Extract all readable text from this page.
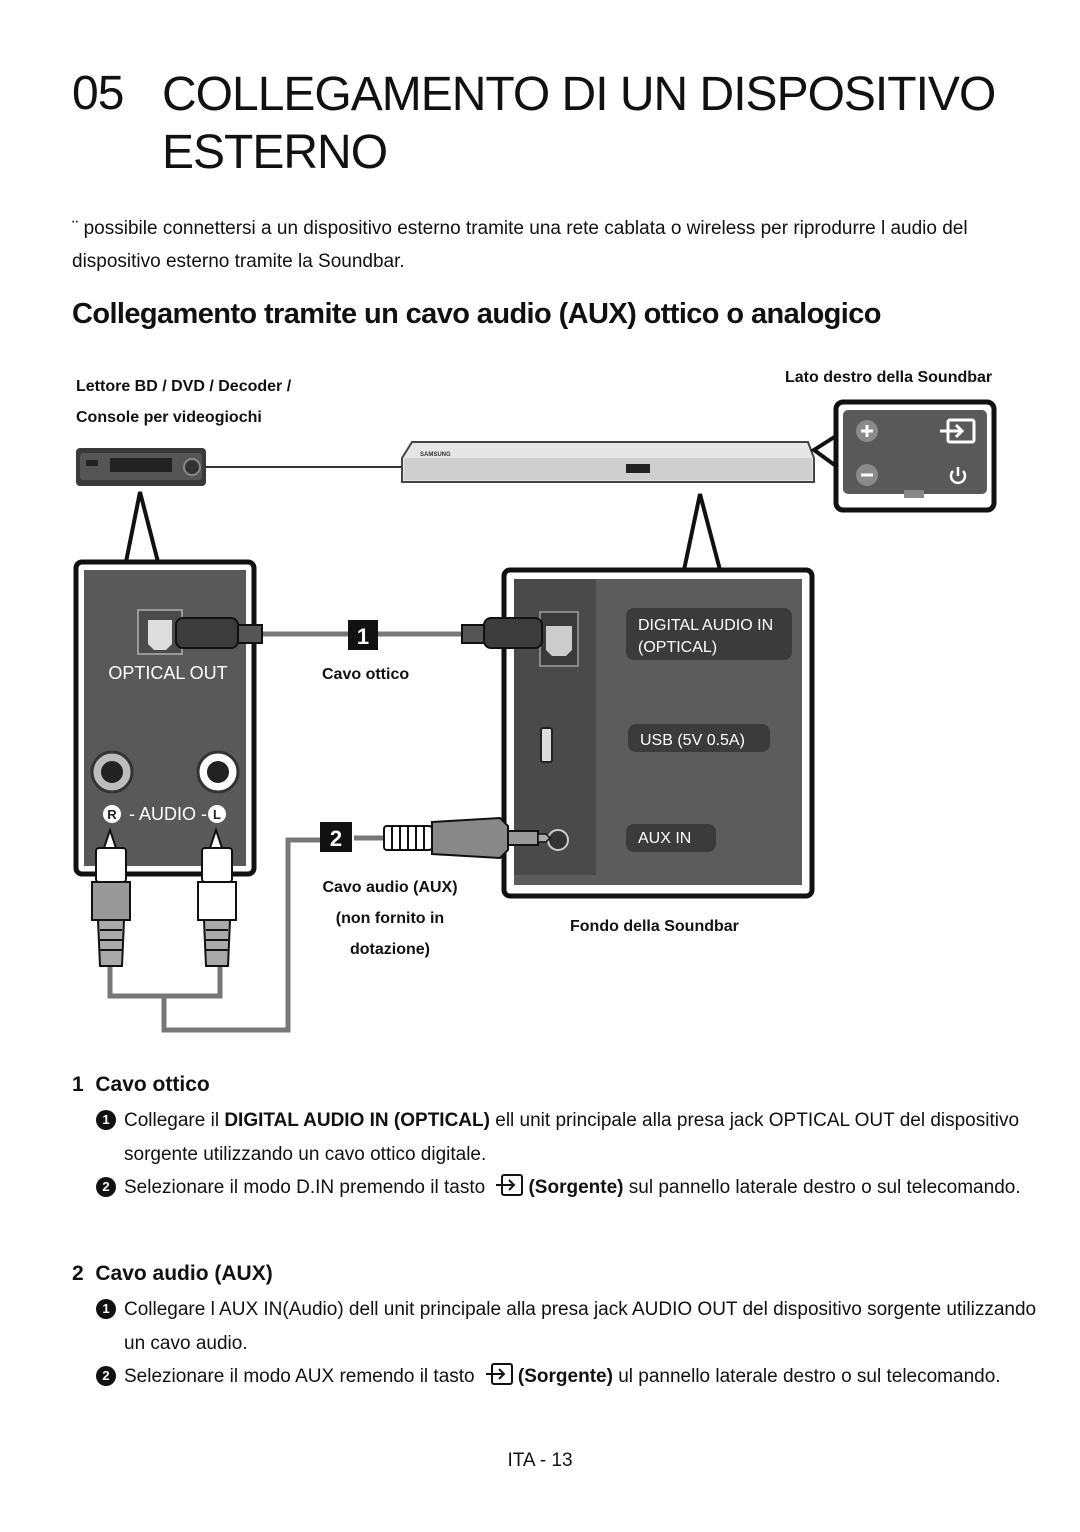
05 COLLEGAMENTO DI UN DISPOSITIVO ESTERNO
¨ possibile connettersi a un dispositivo esterno tramite una rete cablata o wireless per riprodurre l audio del dispositivo esterno tramite la Soundbar.
Collegamento tramite un cavo audio (AUX) ottico o analogico
SAMSUNG
OPTICAL OUT
R - AUDIO - L
DIGITAL AUDIO IN
(OPTICAL)
USB (5V 0.5A)
AUX IN
1
2
Lettore BD / DVD / Decoder /
Console per videogiochi
Lato destro della Soundbar
Cavo ottico
Cavo audio (AUX)
(non fornito in
dotazione)
Fondo della Soundbar
1 Cavo ottico
1 Collegare il DIGITAL AUDIO IN (OPTICAL) ell unit principale alla presa jack OPTICAL OUT del dispositivo sorgente utilizzando un cavo ottico digitale.
2 Selezionare il modo D.IN premendo il tasto (Sorgente) sul pannello laterale destro o sul telecomando.
2 Cavo audio (AUX)
1 Collegare l AUX IN(Audio) dell unit principale alla presa jack AUDIO OUT del dispositivo sorgente utilizzando un cavo audio.
2 Selezionare il modo AUX remendo il tasto (Sorgente) ul pannello laterale destro o sul telecomando.
ITA - 13
